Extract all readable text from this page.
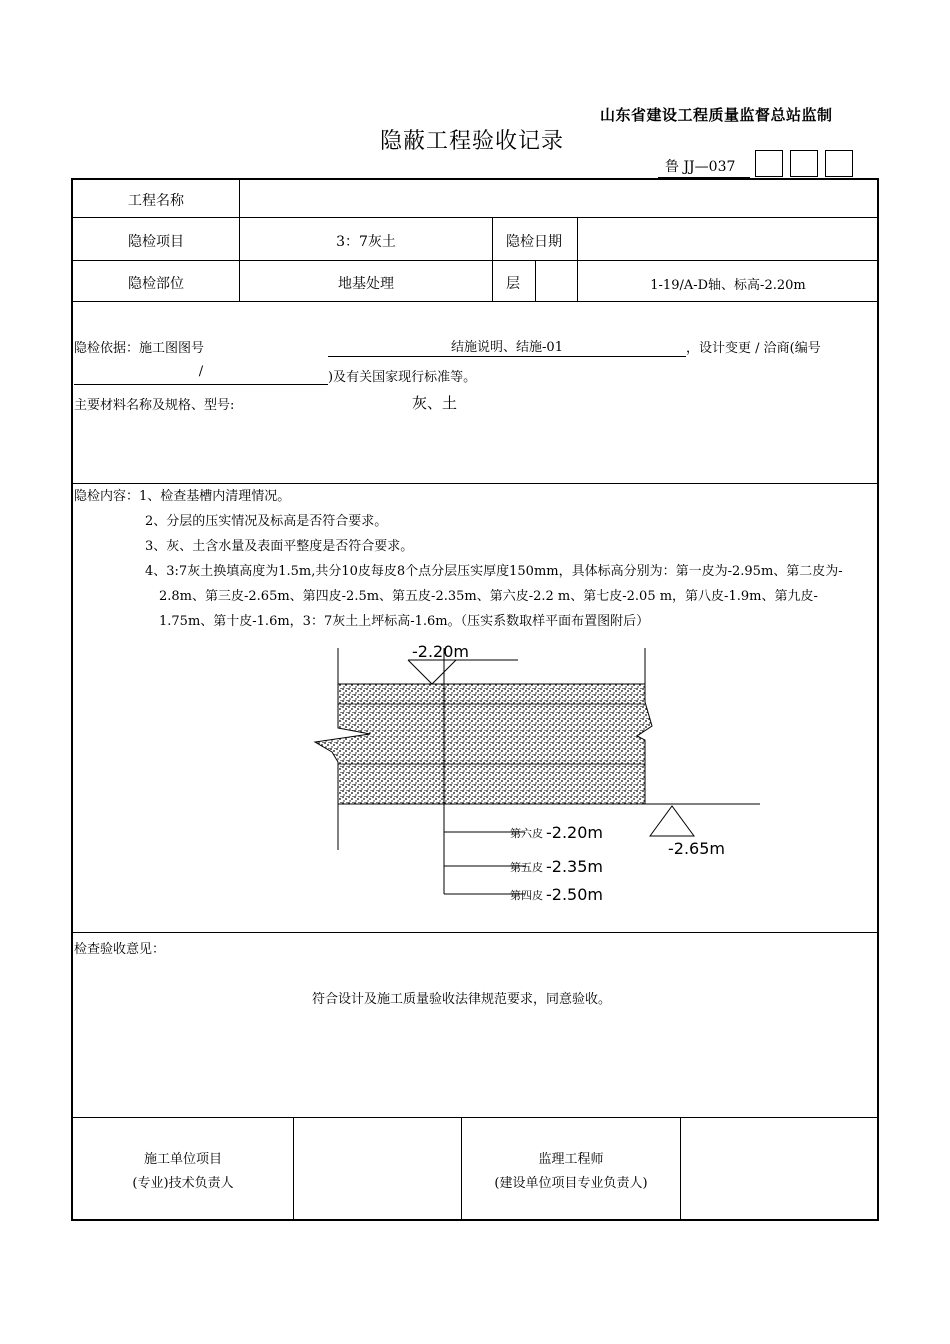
山东省建设工程质量监督总站监制
隐蔽工程验收记录
鲁 JJ—037
工程名称
隐检项目	3：7灰土	隐检日期
隐检部位	地基处理	层	1-19/A-D轴、标高-2.20m
隐检依据：施工图图号	结施说明、结施-01	，设计变更 / 洽商(编号
/	)及有关国家现行标准等。
主要材料名称及规格、型号:	灰、土
隐检内容：1、检查基槽内清理情况。
2、分层的压实情况及标高是否符合要求。
3、灰、土含水量及表面平整度是否符合要求。
4、3:7灰土换填高度为1.5m,共分10皮每皮8个点分层压实厚度150mm，具体标高分别为：第一皮为-2.95m、第二皮为-
2.8m、第三皮-2.65m、第四皮-2.5m、第五皮-2.35m、第六皮-2.2 m、第七皮-2.05 m，第八皮-1.9m、第九皮-
1.75m、第十皮-1.6m，3：7灰土上坪标高-1.6m。（压实系数取样平面布置图附后）
-2.20m
-2.65m
第六皮 -2.20m
第五皮 -2.35m
第四皮 -2.50m
检查验收意见：
符合设计及施工质量验收法律规范要求，同意验收。
施工单位项目
(专业)技术负责人
监理工程师
(建设单位项目专业负责人)
